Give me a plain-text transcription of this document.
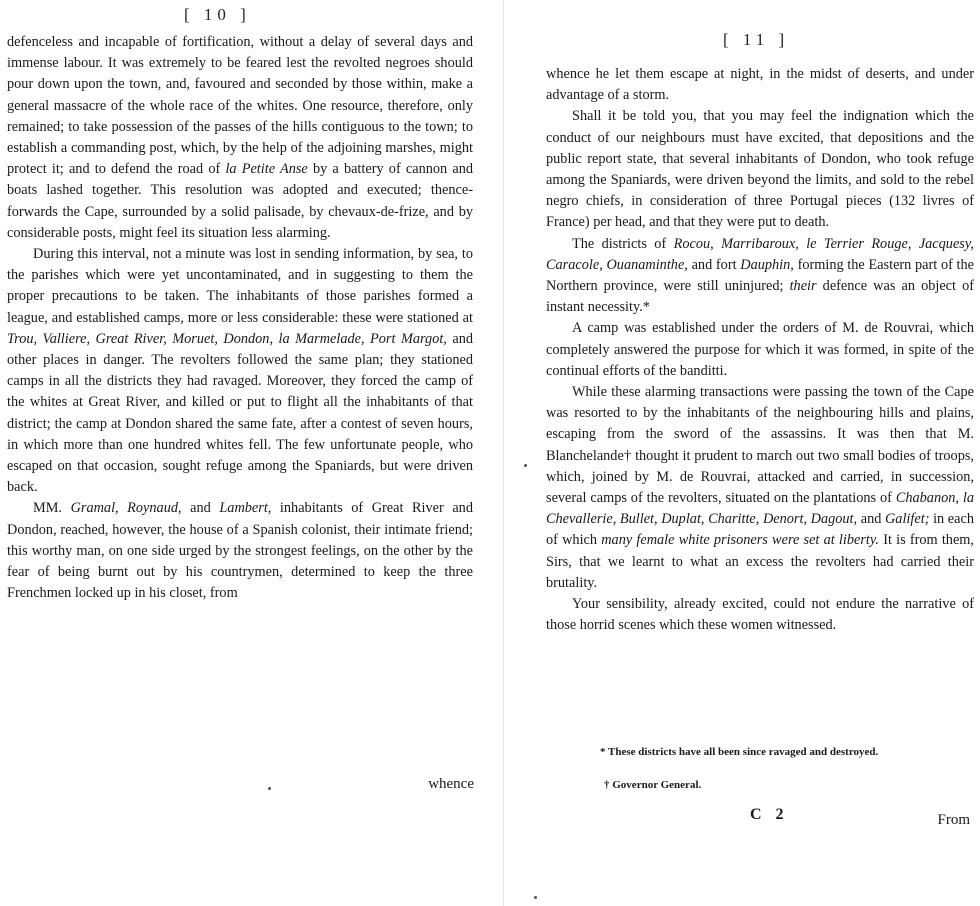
[ 10 ]

defenceless and incapable of fortification, without a delay of several days and immense labour. It was extremely to be feared lest the revolted negroes should pour down upon the town, and, favoured and seconded by those within, make a general massacre of the whole race of the whites. One resource, therefore, only remained; to take possession of the passes of the hills contiguous to the town; to establish a commanding post, which, by the help of the adjoining marshes, might protect it; and to defend the road of la Petite Anse by a battery of cannon and boats lashed together. This resolution was adopted and executed; thence-forwards the Cape, surrounded by a solid palisade, by chevaux-de-frize, and by considerable posts, might feel its situation less alarming.

During this interval, not a minute was lost in sending information, by sea, to the parishes which were yet uncontaminated, and in suggesting to them the proper precautions to be taken. The inhabitants of those parishes formed a league, and established camps, more or less considerable: these were stationed at Trou, Valliere, Great River, Moruet, Dondon, la Marmelade, Port Margot, and other places in danger. The revolters followed the same plan; they stationed camps in all the districts they had ravaged. Moreover, they forced the camp of the whites at Great River, and killed or put to flight all the inhabitants of that district; the camp at Dondon shared the same fate, after a contest of seven hours, in which more than one hundred whites fell. The few unfortunate people, who escaped on that occasion, sought refuge among the Spaniards, but were driven back.

MM. Gramal, Roynaud, and Lambert, inhabitants of Great River and Dondon, reached, however, the house of a Spanish colonist, their intimate friend; this worthy man, on one side urged by the strongest feelings, on the other by the fear of being burnt out by his countrymen, determined to keep the three Frenchmen locked up in his closet, from

whence
[ 11 ]

whence he let them escape at night, in the midst of deserts, and under advantage of a storm.

Shall it be told you, that you may feel the indignation which the conduct of our neighbours must have excited, that depositions and the public report state, that several inhabitants of Dondon, who took refuge among the Spaniards, were driven beyond the limits, and sold to the rebel negro chiefs, in consideration of three Portugal pieces (132 livres of France) per head, and that they were put to death.

The districts of Rocou, Marribaroux, le Terrier Rouge, Jacquesy, Caracole, Ouanaminthe, and fort Dauphin, forming the Eastern part of the Northern province, were still uninjured; their defence was an object of instant necessity.*

A camp was established under the orders of M. de Rouvrai, which completely answered the purpose for which it was formed, in spite of the continual efforts of the banditti.

While these alarming transactions were passing the town of the Cape was resorted to by the inhabitants of the neighbouring hills and plains, escaping from the sword of the assassins. It was then that M. Blanchelande† thought it prudent to march out two small bodies of troops, which, joined by M. de Rouvrai, attacked and carried, in succession, several camps of the revolters, situated on the plantations of Chabanon, la Chevallerie, Bullet, Duplat, Charitte, Denort, Dagout, and Galifet; in each of which many female white prisoners were set at liberty. It is from them, Sirs, that we learnt to what an excess the revolters had carried their brutality.

Your sensibility, already excited, could not endure the narrative of those horrid scenes which these women witnessed.

* These districts have all been since ravaged and destroyed.
† Governor General.
C 2	From
